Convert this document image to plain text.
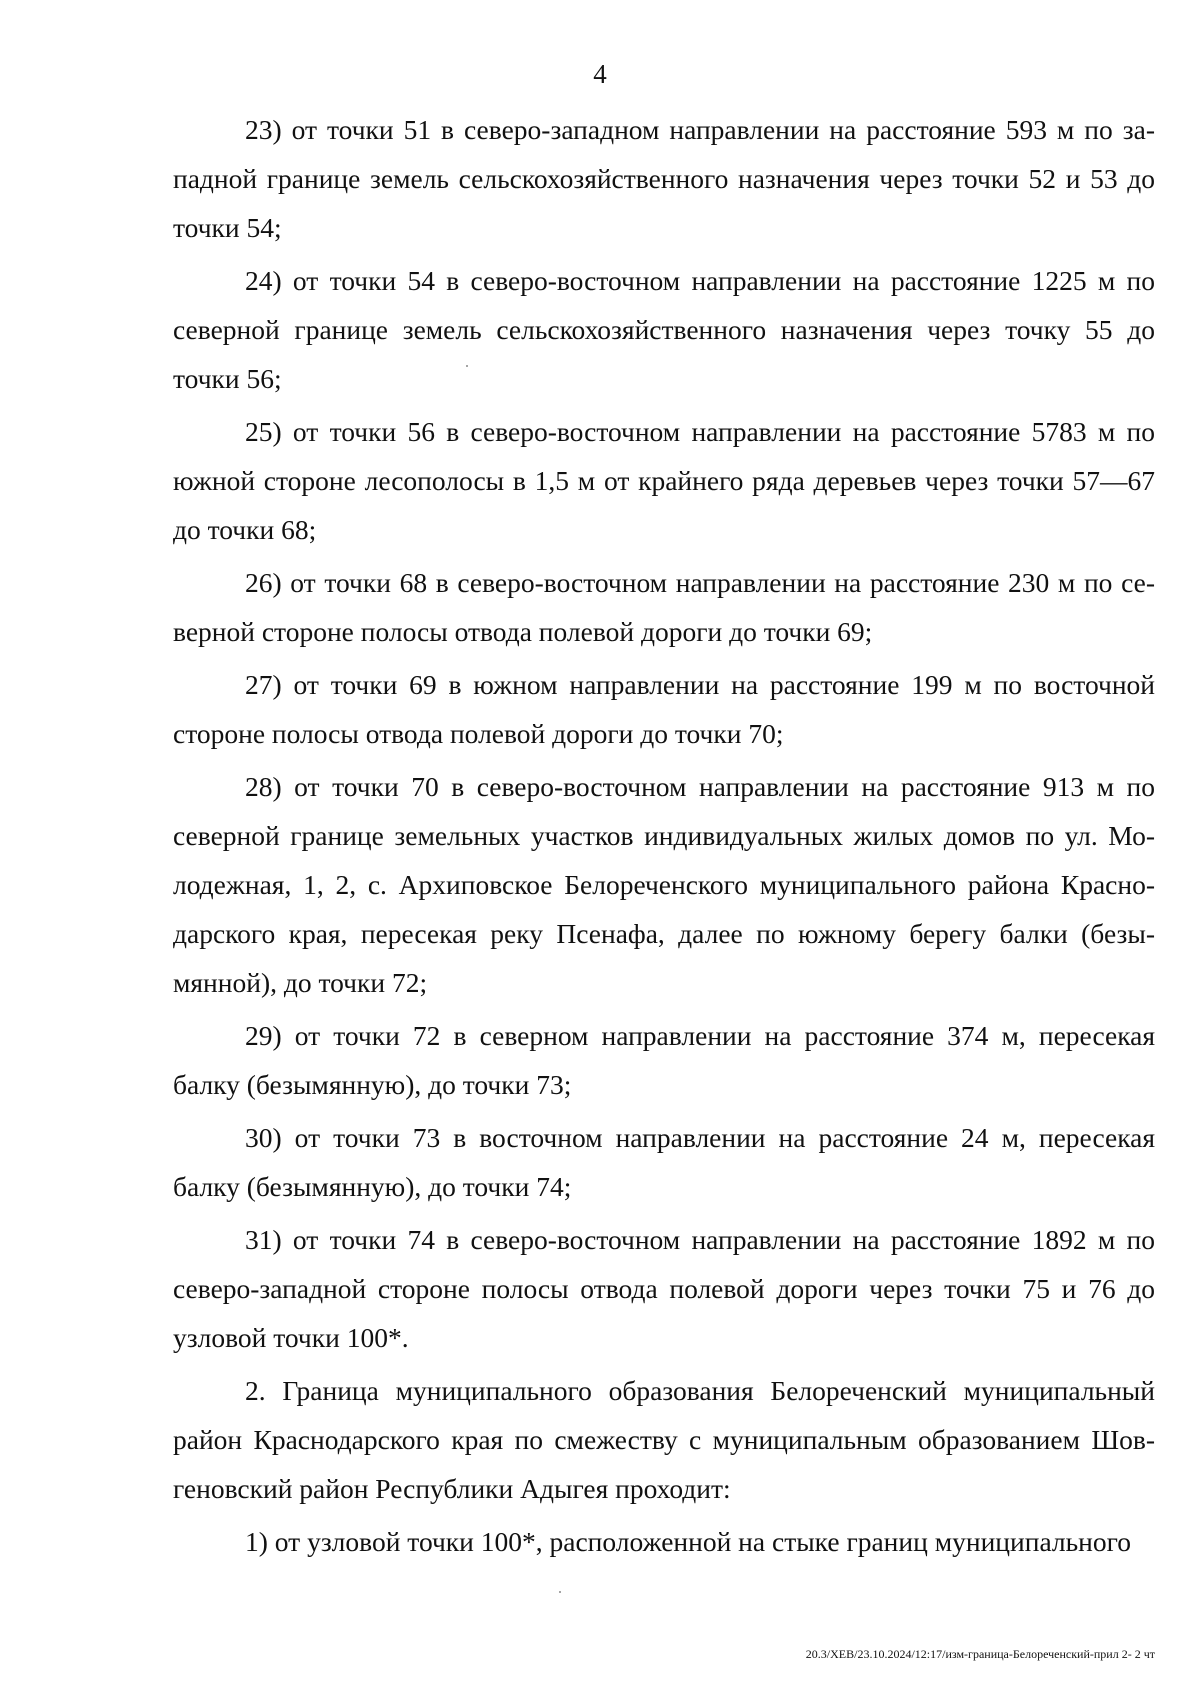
4

23) от точки 51 в северо-западном направлении на расстояние 593 м по западной границе земель сельскохозяйственного назначения через точки 52 и 53 до точки 54;

24) от точки 54 в северо-восточном направлении на расстояние 1225 м по северной границе земель сельскохозяйственного назначения через точку 55 до точки 56;

25) от точки 56 в северо-восточном направлении на расстояние 5783 м по южной стороне лесополосы в 1,5 м от крайнего ряда деревьев через точки 57—67 до точки 68;

26) от точки 68 в северо-восточном направлении на расстояние 230 м по северной стороне полосы отвода полевой дороги до точки 69;

27) от точки 69 в южном направлении на расстояние 199 м по восточной стороне полосы отвода полевой дороги до точки 70;

28) от точки 70 в северо-восточном направлении на расстояние 913 м по северной границе земельных участков индивидуальных жилых домов по ул. Молодежная, 1, 2, с. Архиповское Белореченского муниципального района Краснодарского края, пересекая реку Псенафа, далее по южному берегу балки (безымянной), до точки 72;

29) от точки 72 в северном направлении на расстояние 374 м, пересекая балку (безымянную), до точки 73;

30) от точки 73 в восточном направлении на расстояние 24 м, пересекая балку (безымянную), до точки 74;

31) от точки 74 в северо-восточном направлении на расстояние 1892 м по северо-западной стороне полосы отвода полевой дороги через точки 75 и 76 до узловой точки 100*.

2. Граница муниципального образования Белореченский муниципальный район Краснодарского края по смежеству с муниципальным образованием Шовгеновский район Республики Адыгея проходит:

1) от узловой точки 100*, расположенной на стыке границ муниципального

20.3/ХЕВ/23.10.2024/12:17/изм-граница-Белореченский-прил 2- 2 чт
